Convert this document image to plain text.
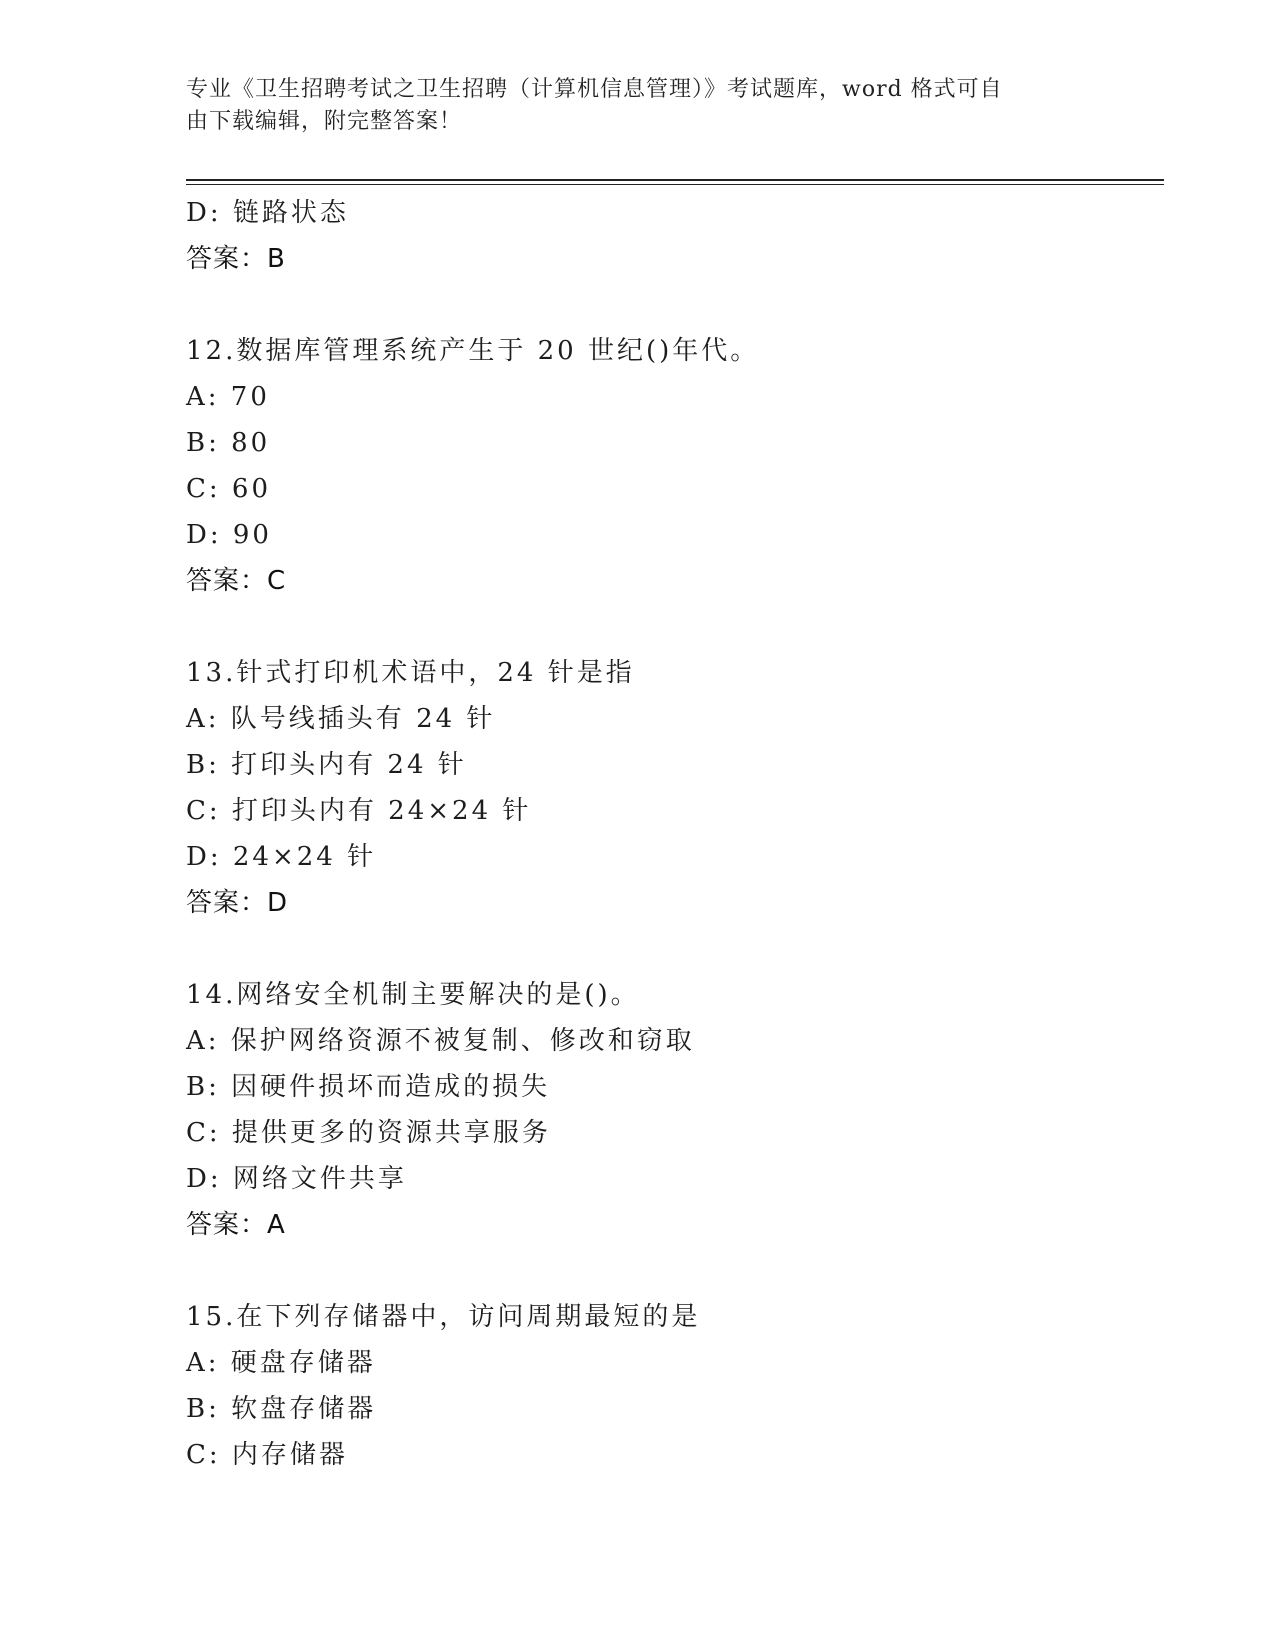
专业《卫生招聘考试之卫生招聘（计算机信息管理）》考试题库，word 格式可自
由下载编辑，附完整答案！
D: 链路状态
答案：B
12.数据库管理系统产生于 20 世纪()年代。
A: 70
B: 80
C: 60
D: 90
答案：C
13.针式打印机术语中，24 针是指
A: 队号线插头有 24 针
B: 打印头内有 24 针
C: 打印头内有 24×24 针
D: 24×24 针
答案：D
14.网络安全机制主要解决的是()。
A: 保护网络资源不被复制、修改和窃取
B: 因硬件损坏而造成的损失
C: 提供更多的资源共享服务
D: 网络文件共享
答案：A
15.在下列存储器中，访问周期最短的是
A: 硬盘存储器
B: 软盘存储器
C: 内存储器
